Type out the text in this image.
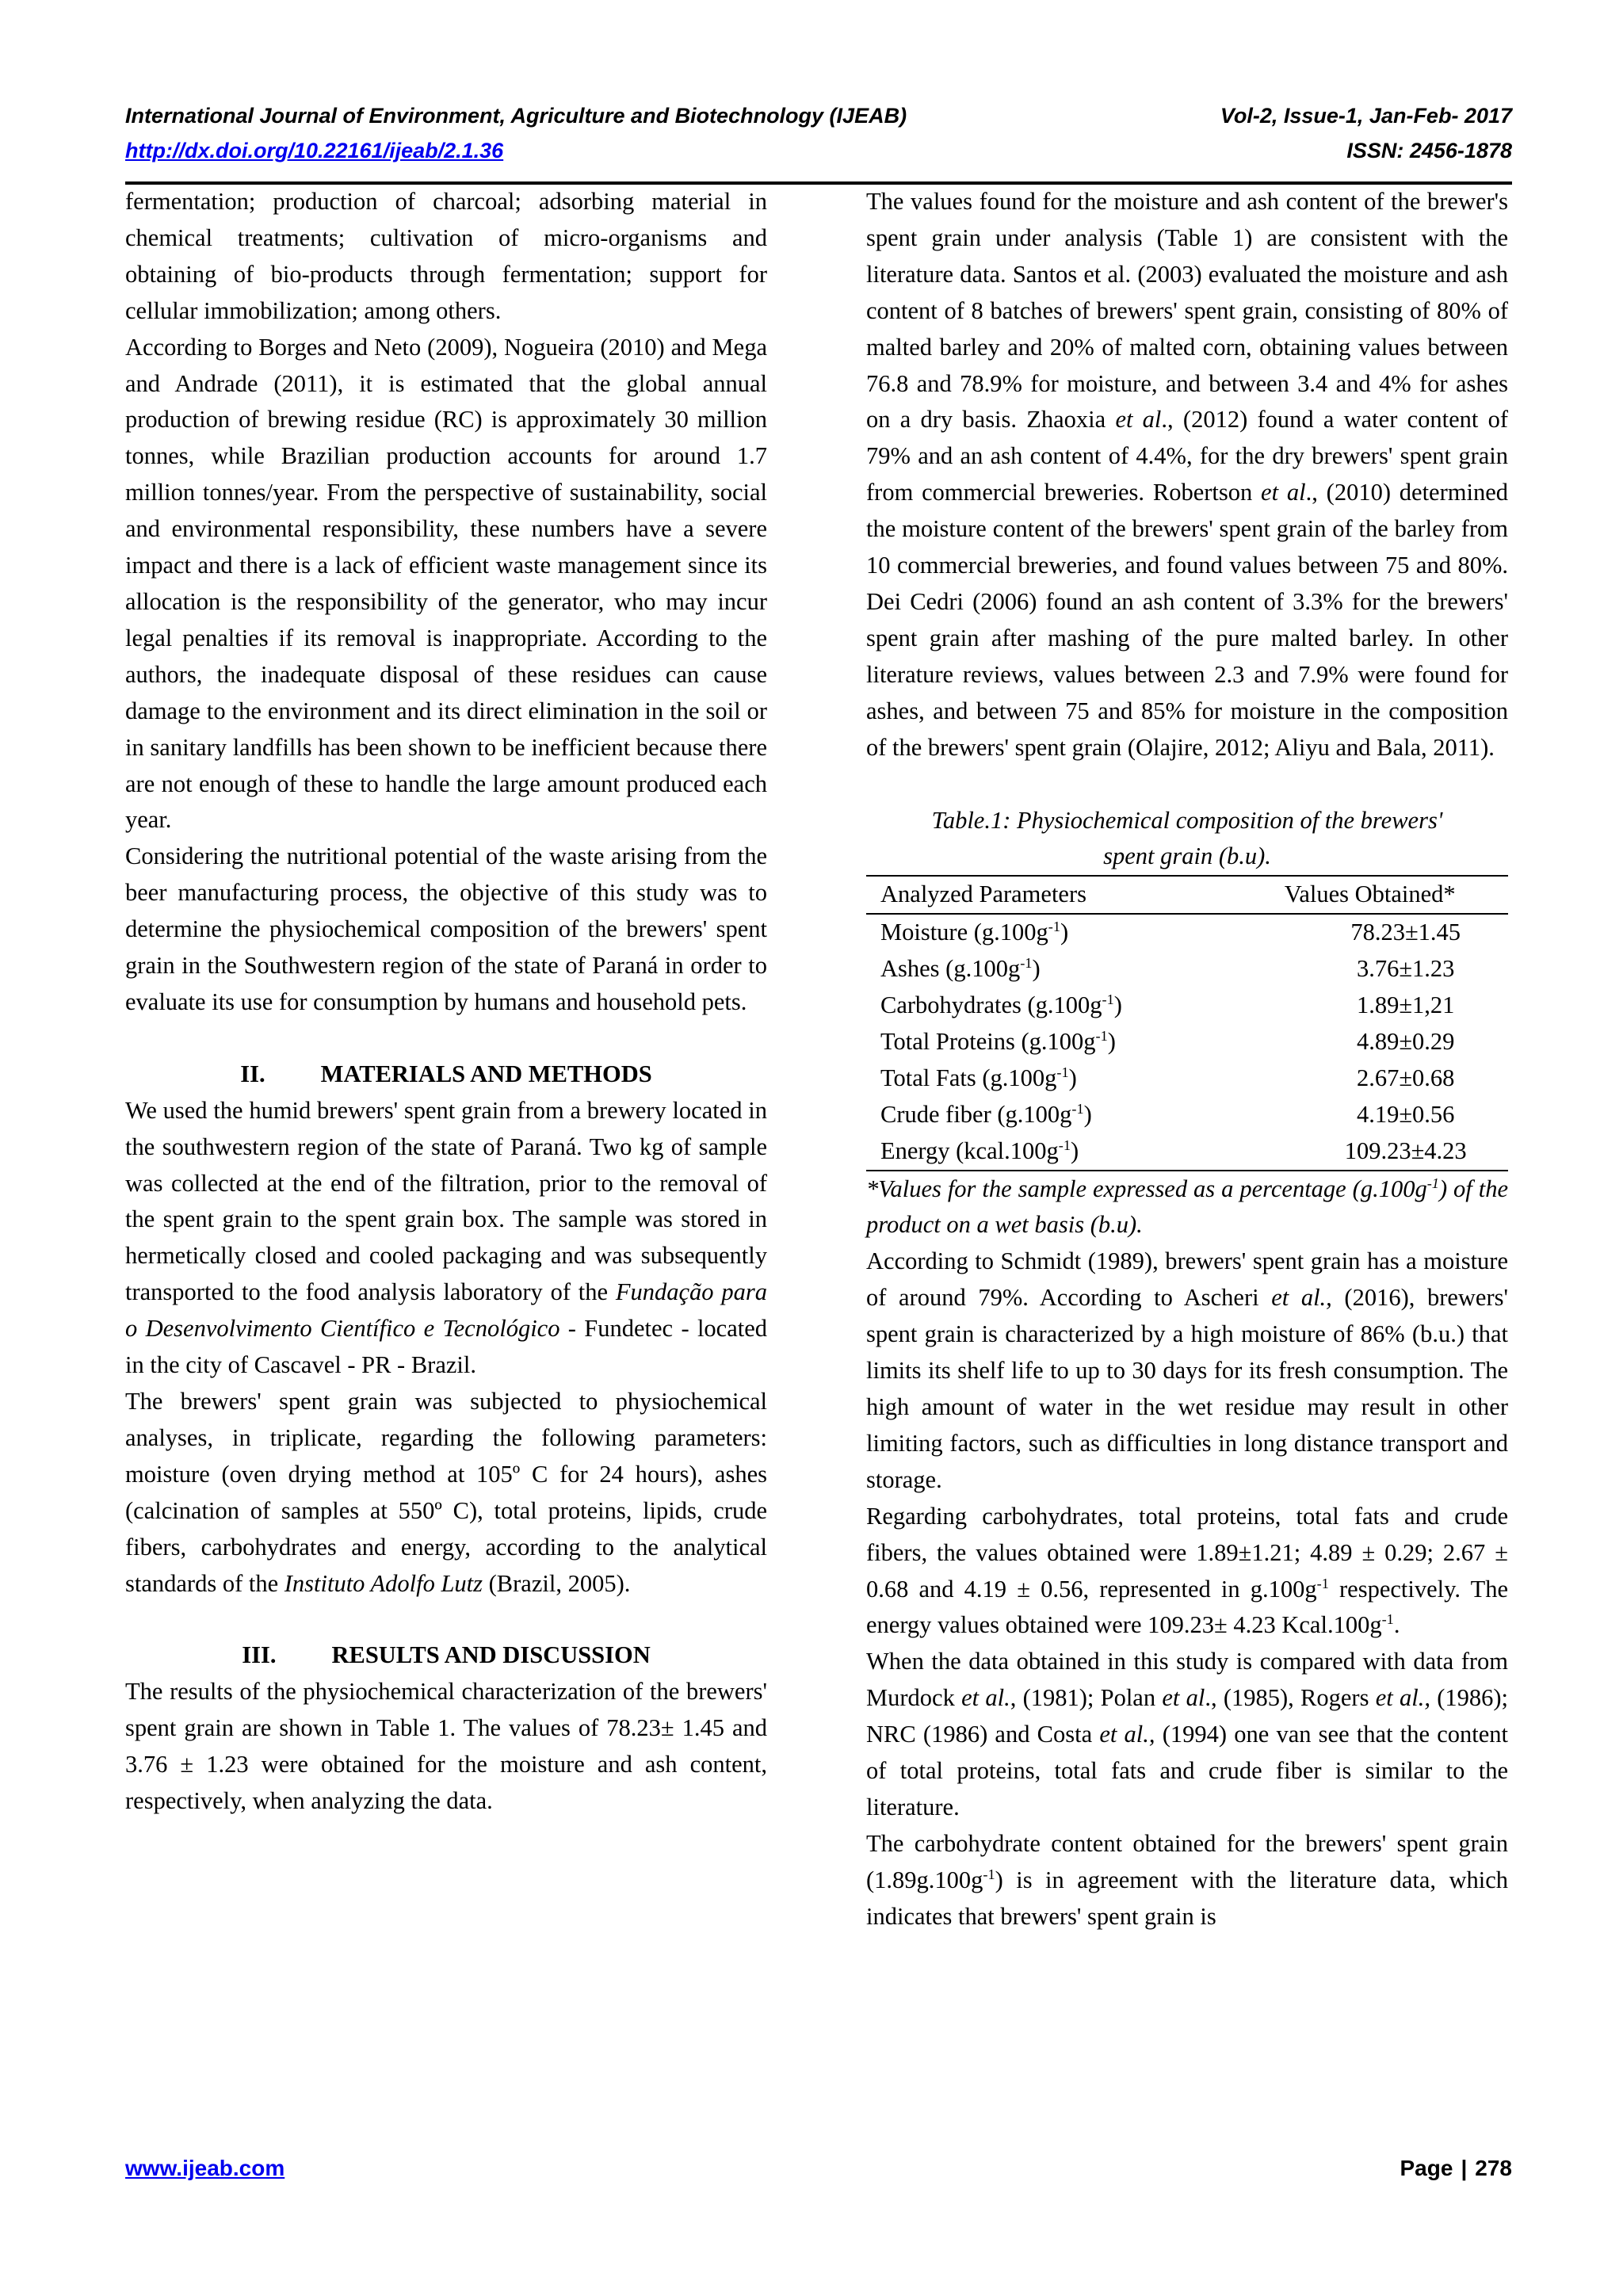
International Journal of Environment, Agriculture and Biotechnology (IJEAB)	Vol-2, Issue-1, Jan-Feb- 2017
http://dx.doi.org/10.22161/ijeab/2.1.36	ISSN: 2456-1878

fermentation; production of charcoal; adsorbing material in chemical treatments; cultivation of micro-organisms and obtaining of bio-products through fermentation; support for cellular immobilization; among others.

According to Borges and Neto (2009), Nogueira (2010) and Mega and Andrade (2011), it is estimated that the global annual production of brewing residue (RC) is approximately 30 million tonnes, while Brazilian production accounts for around 1.7 million tonnes/year. From the perspective of sustainability, social and environmental responsibility, these numbers have a severe impact and there is a lack of efficient waste management since its allocation is the responsibility of the generator, who may incur legal penalties if its removal is inappropriate. According to the authors, the inadequate disposal of these residues can cause damage to the environment and its direct elimination in the soil or in sanitary landfills has been shown to be inefficient because there are not enough of these to handle the large amount produced each year.

Considering the nutritional potential of the waste arising from the beer manufacturing process, the objective of this study was to determine the physiochemical composition of the brewers' spent grain in the Southwestern region of the state of Paraná in order to evaluate its use for consumption by humans and household pets.

II. MATERIALS AND METHODS

We used the humid brewers' spent grain from a brewery located in the southwestern region of the state of Paraná. Two kg of sample was collected at the end of the filtration, prior to the removal of the spent grain to the spent grain box. The sample was stored in hermetically closed and cooled packaging and was subsequently transported to the food analysis laboratory of the Fundação para o Desenvolvimento Científico e Tecnológico - Fundetec - located in the city of Cascavel - PR - Brazil.

The brewers' spent grain was subjected to physiochemical analyses, in triplicate, regarding the following parameters: moisture (oven drying method at 105º C for 24 hours), ashes (calcination of samples at 550º C), total proteins, lipids, crude fibers, carbohydrates and energy, according to the analytical standards of the Instituto Adolfo Lutz (Brazil, 2005).

III. RESULTS AND DISCUSSION

The results of the physiochemical characterization of the brewers' spent grain are shown in Table 1. The values of 78.23± 1.45 and 3.76 ± 1.23 were obtained for the moisture and ash content, respectively, when analyzing the data.

The values found for the moisture and ash content of the brewer's spent grain under analysis (Table 1) are consistent with the literature data. Santos et al. (2003) evaluated the moisture and ash content of 8 batches of brewers' spent grain, consisting of 80% of malted barley and 20% of malted corn, obtaining values between 76.8 and 78.9% for moisture, and between 3.4 and 4% for ashes on a dry basis. Zhaoxia et al., (2012) found a water content of 79% and an ash content of 4.4%, for the dry brewers' spent grain from commercial breweries. Robertson et al., (2010) determined the moisture content of the brewers' spent grain of the barley from 10 commercial breweries, and found values between 75 and 80%. Dei Cedri (2006) found an ash content of 3.3% for the brewers' spent grain after mashing of the pure malted barley. In other literature reviews, values between 2.3 and 7.9% were found for ashes, and between 75 and 85% for moisture in the composition of the brewers' spent grain (Olajire, 2012; Aliyu and Bala, 2011).

Table.1: Physiochemical composition of the brewers'
spent grain (b.u).
Analyzed Parameters	Values Obtained*
Moisture $(g.100g^{-1})$	78.23±1.45
Ashes $(g.100g^{-1})$	3.76±1.23
Carbohydrates $(g.100g^{-1})$	1.89±1,21
Total Proteins $(g.100g^{-1})$	4.89±0.29
Total Fats $(g.100g^{-1})$	2.67±0.68
Crude fiber $(g.100g^{-1})$	4.19±0.56
Energy $(kcal.100g^{-1})$	109.23±4.23

*Values for the sample expressed as a percentage $(g.100g^{-1})$ of the product on a wet basis (b.u).

According to Schmidt (1989), brewers' spent grain has a moisture of around 79%. According to Ascheri et al., (2016), brewers' spent grain is characterized by a high moisture of 86% (b.u.) that limits its shelf life to up to 30 days for its fresh consumption. The high amount of water in the wet residue may result in other limiting factors, such as difficulties in long distance transport and storage.

Regarding carbohydrates, total proteins, total fats and crude fibers, the values obtained were 1.89±1.21; 4.89 ± 0.29; 2.67 ± 0.68 and 4.19 ± 0.56, represented in $g.100g^{-1}$ respectively. The energy values obtained were 109.23± 4.23 $Kcal.100g^{-1}$.

When the data obtained in this study is compared with data from Murdock et al., (1981); Polan et al., (1985), Rogers et al., (1986); NRC (1986) and Costa et al., (1994) one van see that the content of total proteins, total fats and crude fiber is similar to the literature.

The carbohydrate content obtained for the brewers' spent grain $(1.89g.100g^{-1})$ is in agreement with the literature data, which indicates that brewers' spent grain is

www.ijeab.com	Page | 278
